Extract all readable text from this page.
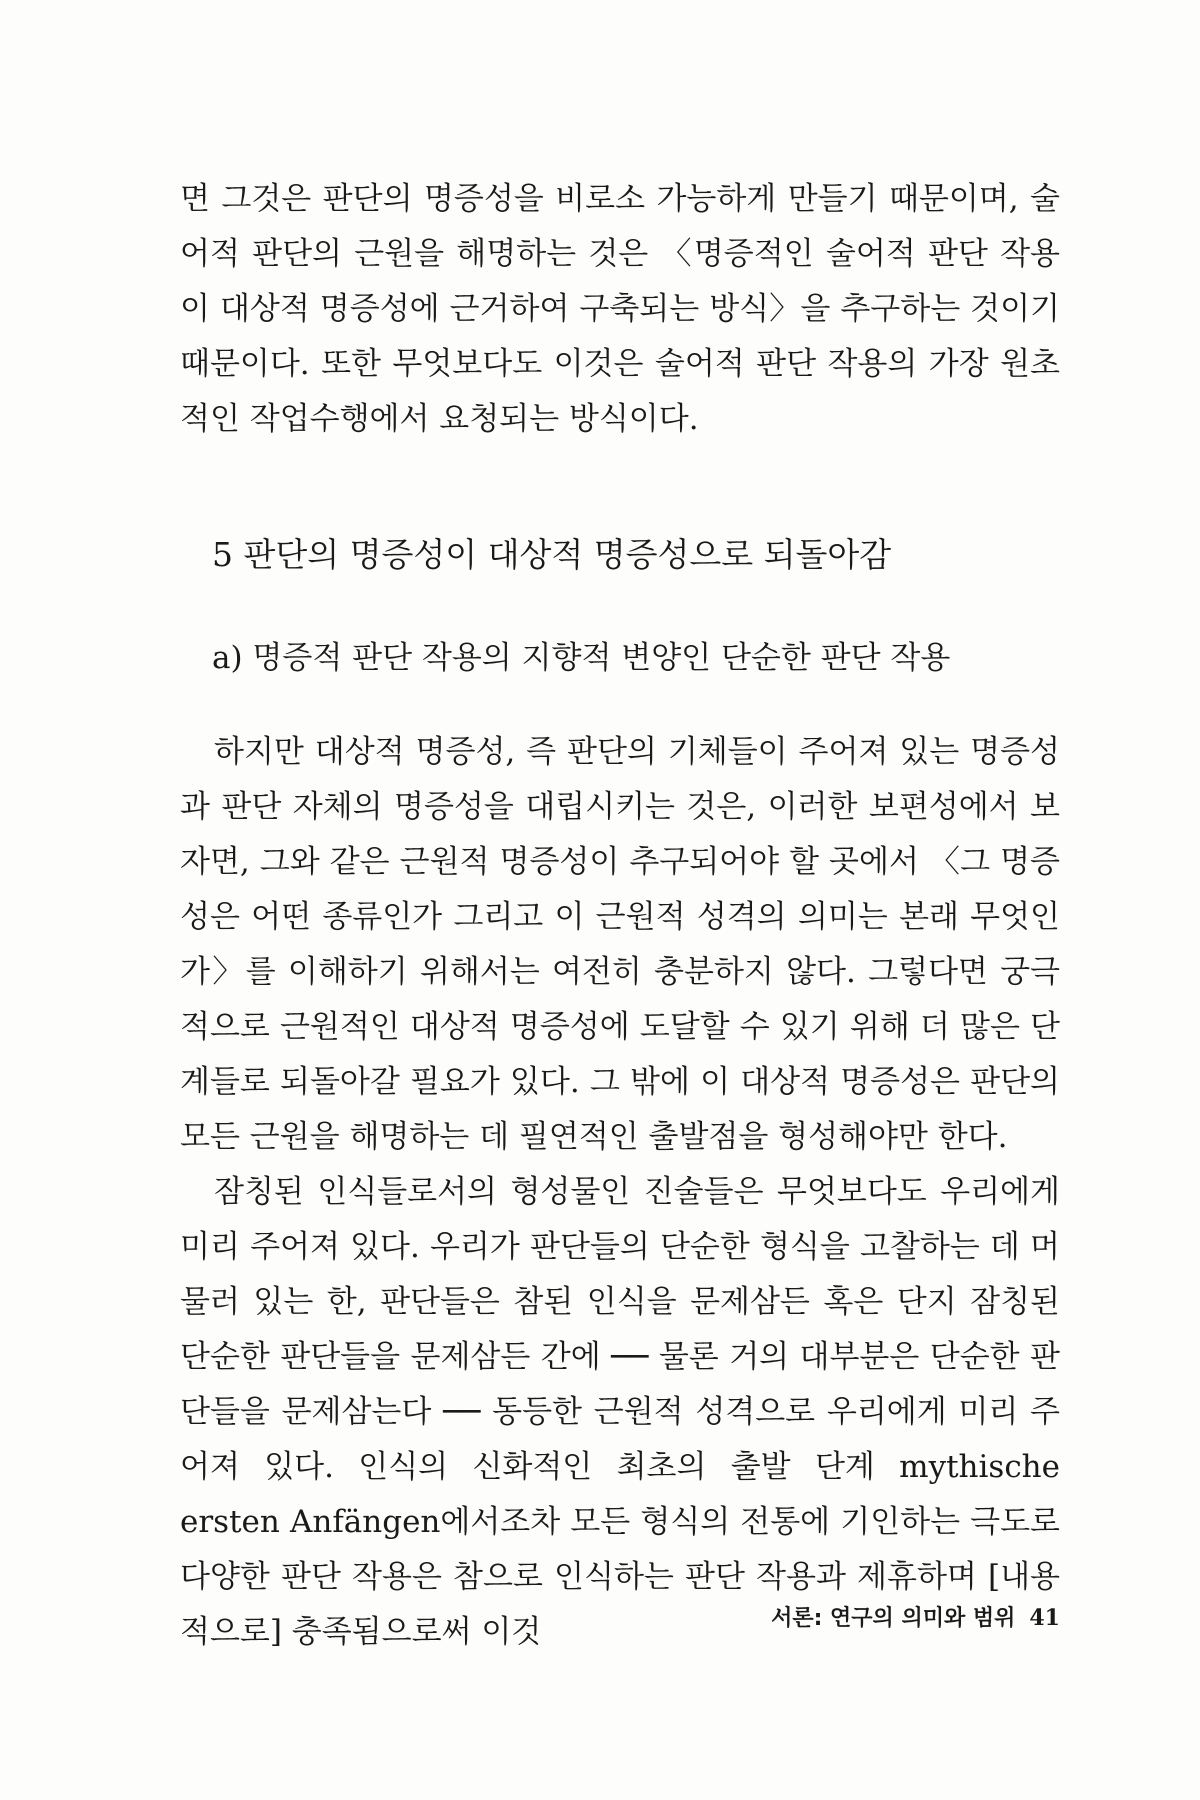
면 그것은 판단의 명증성을 비로소 가능하게 만들기 때문이며, 술어적 판단의 근원을 해명하는 것은 〈명증적인 술어적 판단 작용이 대상적 명증성에 근거하여 구축되는 방식〉을 추구하는 것이기 때문이다. 또한 무엇보다도 이것은 술어적 판단 작용의 가장 원초적인 작업수행에서 요청되는 방식이다.

5 판단의 명증성이 대상적 명증성으로 되돌아감
a) 명증적 판단 작용의 지향적 변양인 단순한 판단 작용

하지만 대상적 명증성, 즉 판단의 기체들이 주어져 있는 명증성과 판단 자체의 명증성을 대립시키는 것은, 이러한 보편성에서 보자면, 그와 같은 근원적 명증성이 추구되어야 할 곳에서 〈그 명증성은 어떤 종류인가 그리고 이 근원적 성격의 의미는 본래 무엇인가〉를 이해하기 위해서는 여전히 충분하지 않다. 그렇다면 궁극적으로 근원적인 대상적 명증성에 도달할 수 있기 위해 더 많은 단계들로 되돌아갈 필요가 있다. 그 밖에 이 대상적 명증성은 판단의 모든 근원을 해명하는 데 필연적인 출발점을 형성해야만 한다.

잠칭된 인식들로서의 형성물인 진술들은 무엇보다도 우리에게 미리 주어져 있다. 우리가 판단들의 단순한 형식을 고찰하는 데 머물러 있는 한, 판단들은 참된 인식을 문제삼든 혹은 단지 잠칭된 단순한 판단들을 문제삼든 간에 ── 물론 거의 대부분은 단순한 판단들을 문제삼는다 ── 동등한 근원적 성격으로 우리에게 미리 주어져 있다. 인식의 신화적인 최초의 출발 단계 mythische ersten Anfängen에서조차 모든 형식의 전통에 기인하는 극도로 다양한 판단 작용은 참으로 인식하는 판단 작용과 제휴하며 [내용적으로] 충족됨으로써 이것	서론: 연구의 의미와 범위 41
